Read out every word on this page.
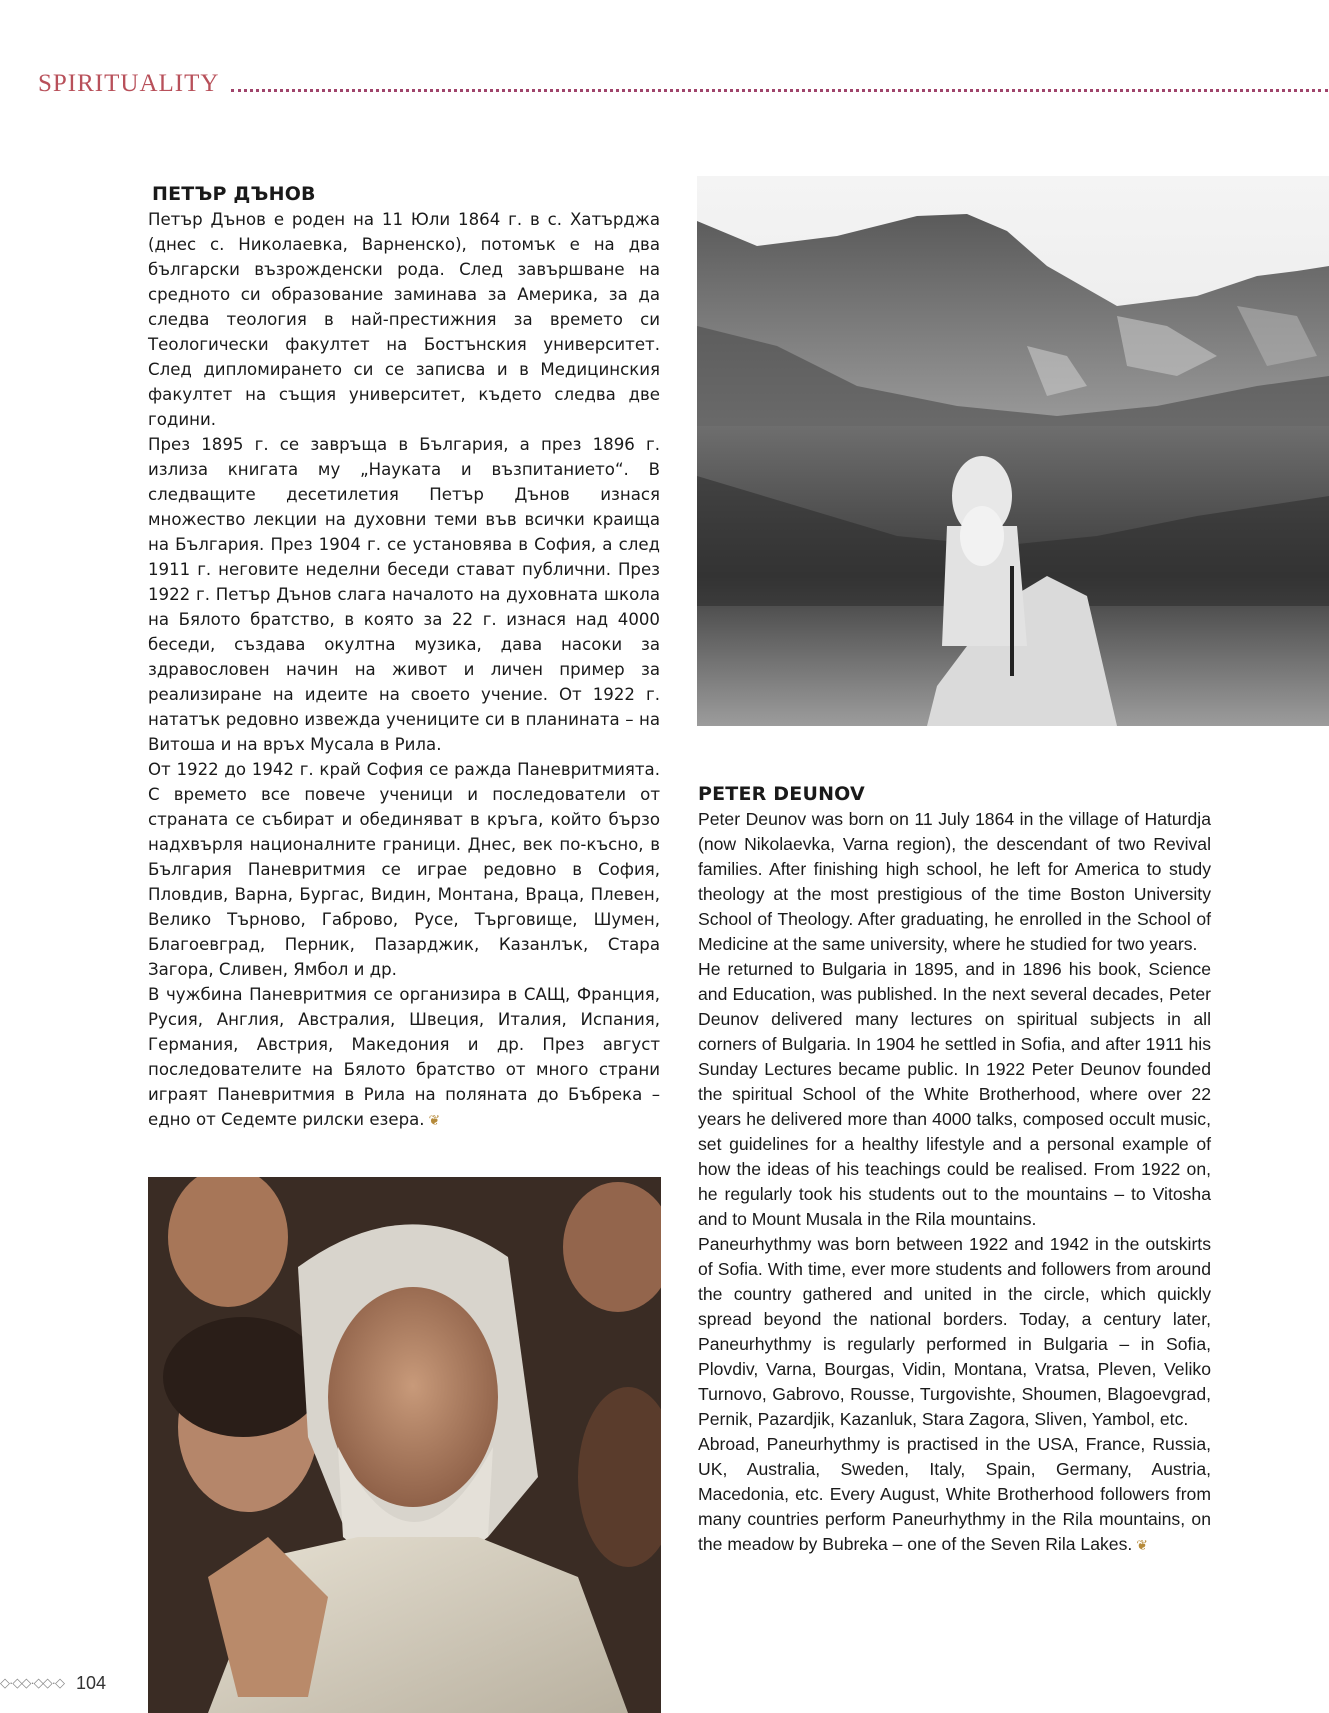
SPIRITUALITY
ПЕТЪР ДЪНОВ

Петър Дънов е роден на 11 Юли 1864 г. в с. Хатърджа (днес с. Николаевка, Варненско), потомък е на два български възрожденски рода. След завършване на средното си образование заминава за Америка, за да следва теология в най-престижния за времето си Теологически факултет на Бостънския университет. След дипломирането си се записва и в Медицинския факултет на същия университет, където следва две години.

През 1895 г. се завръща в България, а през 1896 г. излиза книгата му „Науката и възпитанието“. В следващите десетилетия Петър Дънов изнася множество лекции на духовни теми във всички краища на България. През 1904 г. се установява в София, а след 1911 г. неговите неделни беседи стават публични. През 1922 г. Петър Дънов слага началото на духовната школа на Бялото братство, в която за 22 г. изнася над 4000 беседи, създава окултна музика, дава насоки за здравословен начин на живот и личен пример за реализиране на идеите на своето учение. От 1922 г. нататък редовно извежда учениците си в планината – на Витоша и на връх Мусала в Рила.

От 1922 до 1942 г. край София се ражда Паневритмията. С времето все повече ученици и последователи от страната се събират и обединяват в кръга, който бързо надхвърля националните граници. Днес, век по-късно, в България Паневритмия се играе редовно в София, Пловдив, Варна, Бургас, Видин, Монтана, Враца, Плевен, Велико Търново, Габрово, Русе, Търговище, Шумен, Благоевград, Перник, Пазарджик, Казанлък, Стара Загора, Сливен, Ямбол и др.

В чужбина Паневритмия се организира в САЩ, Франция, Русия, Англия, Австралия, Швеция, Италия, Испания, Германия, Австрия, Македония и др. През август последователите на Бялото братство от много страни играят Паневритмия в Рила на поляната до Бъбрека – едно от Седемте рилски езера. ❦

PETER DEUNOV

Peter Deunov was born on 11 July 1864 in the village of Haturdja (now Nikolaevka, Varna region), the descendant of two Revival families. After finishing high school, he left for America to study theology at the most prestigious of the time Boston University School of Theology. After graduating, he enrolled in the School of Medicine at the same university, where he studied for two years.

He returned to Bulgaria in 1895, and in 1896 his book, Science and Education, was published. In the next several decades, Peter Deunov delivered many lectures on spiritual subjects in all corners of Bulgaria. In 1904 he settled in Sofia, and after 1911 his Sunday Lectures became public. In 1922 Peter Deunov founded the spiritual School of the White Brotherhood, where over 22 years he delivered more than 4000 talks, composed occult music, set guidelines for a healthy lifestyle and a personal example of how the ideas of his teachings could be realised. From 1922 on, he regularly took his students out to the mountains – to Vitosha and to Mount Musala in the Rila mountains.

Paneurhythmy was born between 1922 and 1942 in the outskirts of Sofia. With time, ever more students and followers from around the country gathered and united in the circle, which quickly spread beyond the national borders. Today, a century later, Paneurhythmy is regularly performed in Bulgaria – in Sofia, Plovdiv, Varna, Bourgas, Vidin, Montana, Vratsa, Pleven, Veliko Turnovo, Gabrovo, Rousse, Turgovishte, Shoumen, Blagoevgrad, Pernik, Pazardjik, Kazanluk, Stara Zagora, Sliven, Yambol, etc.

Abroad, Paneurhythmy is practised in the USA, France, Russia, UK, Australia, Sweden, Italy, Spain, Germany, Austria, Macedonia, etc. Every August, White Brotherhood followers from many countries perform Paneurhythmy in the Rila mountains, on the meadow by Bubreka – one of the Seven Rila Lakes. ❦

◇·◇◇·◇◇·◇ 104
